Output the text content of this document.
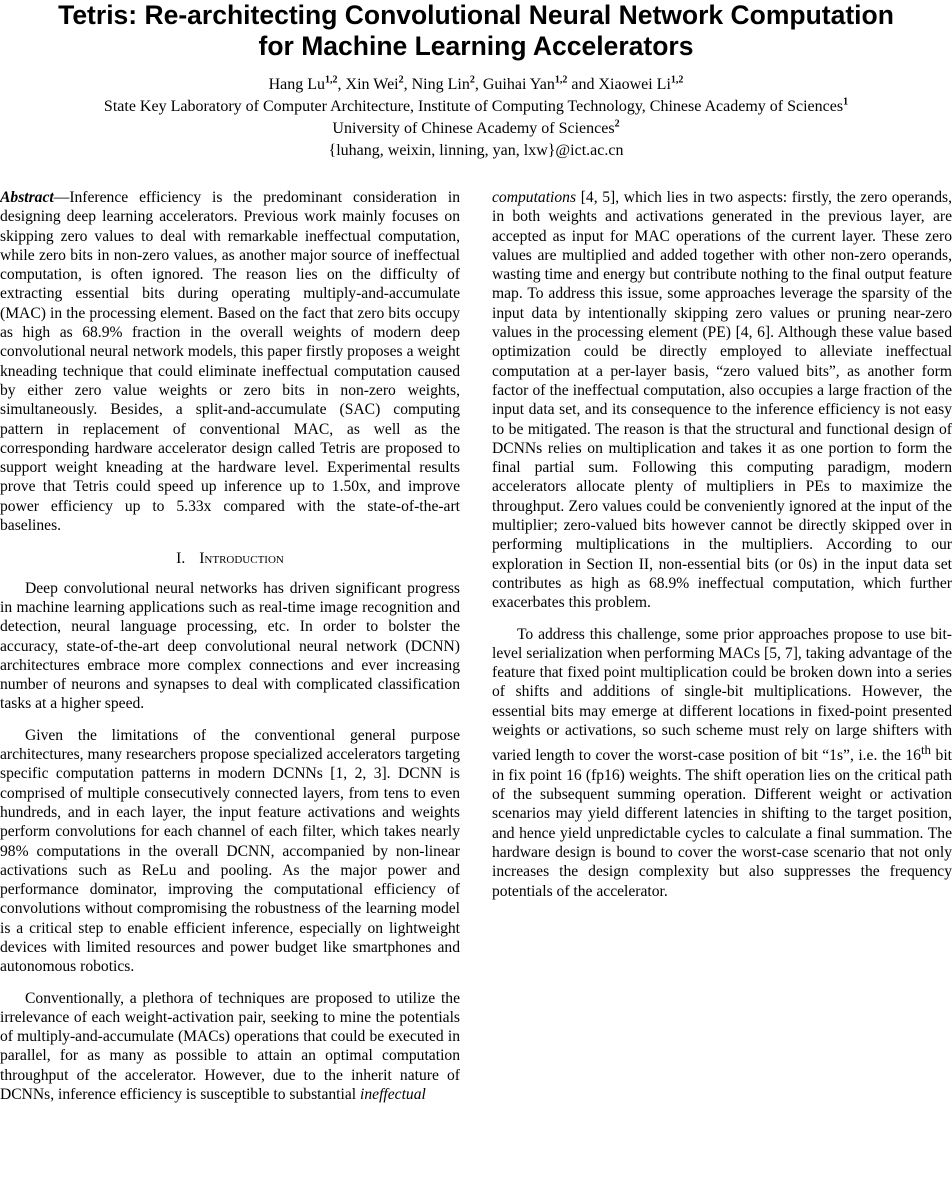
Tetris: Re-architecting Convolutional Neural Network Computation
for Machine Learning Accelerators
Hang Lu$^{1,2}$, Xin Wei$^2$, Ning Lin$^2$, Guihai Yan$^{1,2}$ and Xiaowei Li$^{1,2}$
State Key Laboratory of Computer Architecture, Institute of Computing Technology, Chinese Academy of Sciences$^1$
University of Chinese Academy of Sciences$^2$
{luhang, weixin, linning, yan, lxw}@ict.ac.cn

Abstract—Inference efficiency is the predominant consideration in designing deep learning accelerators. Previous work mainly focuses on skipping zero values to deal with remarkable ineffectual computation, while zero bits in non-zero values, as another major source of ineffectual computation, is often ignored. The reason lies on the difficulty of extracting essential bits during operating multiply-and-accumulate (MAC) in the processing element. Based on the fact that zero bits occupy as high as 68.9% fraction in the overall weights of modern deep convolutional neural network models, this paper firstly proposes a weight kneading technique that could eliminate ineffectual computation caused by either zero value weights or zero bits in non-zero weights, simultaneously. Besides, a split-and-accumulate (SAC) computing pattern in replacement of conventional MAC, as well as the corresponding hardware accelerator design called Tetris are proposed to support weight kneading at the hardware level. Experimental results prove that Tetris could speed up inference up to 1.50x, and improve power efficiency up to 5.33x compared with the state-of-the-art baselines.

I. Introduction

Deep convolutional neural networks has driven significant progress in machine learning applications such as real-time image recognition and detection, neural language processing, etc. In order to bolster the accuracy, state-of-the-art deep convolutional neural network (DCNN) architectures embrace more complex connections and ever increasing number of neurons and synapses to deal with complicated classification tasks at a higher speed.

Given the limitations of the conventional general purpose architectures, many researchers propose specialized accelerators targeting specific computation patterns in modern DCNNs [1, 2, 3]. DCNN is comprised of multiple consecutively connected layers, from tens to even hundreds, and in each layer, the input feature activations and weights perform convolutions for each channel of each filter, which takes nearly 98% computations in the overall DCNN, accompanied by non-linear activations such as ReLu and pooling. As the major power and performance dominator, improving the computational efficiency of convolutions without compromising the robustness of the learning model is a critical step to enable efficient inference, especially on lightweight devices with limited resources and power budget like smartphones and autonomous robotics.

Conventionally, a plethora of techniques are proposed to utilize the irrelevance of each weight-activation pair, seeking to mine the potentials of multiply-and-accumulate (MACs) operations that could be executed in parallel, for as many as possible to attain an optimal computation throughput of the accelerator. However, due to the inherit nature of DCNNs, inference efficiency is susceptible to substantial ineffectual

computations [4, 5], which lies in two aspects: firstly, the zero operands, in both weights and activations generated in the previous layer, are accepted as input for MAC operations of the current layer. These zero values are multiplied and added together with other non-zero operands, wasting time and energy but contribute nothing to the final output feature map. To address this issue, some approaches leverage the sparsity of the input data by intentionally skipping zero values or pruning near-zero values in the processing element (PE) [4, 6]. Although these value based optimization could be directly employed to alleviate ineffectual computation at a per-layer basis, “zero valued bits”, as another form factor of the ineffectual computation, also occupies a large fraction of the input data set, and its consequence to the inference efficiency is not easy to be mitigated. The reason is that the structural and functional design of DCNNs relies on multiplication and takes it as one portion to form the final partial sum. Following this computing paradigm, modern accelerators allocate plenty of multipliers in PEs to maximize the throughput. Zero values could be conveniently ignored at the input of the multiplier; zero-valued bits however cannot be directly skipped over in performing multiplications in the multipliers. According to our exploration in Section II, non-essential bits (or 0s) in the input data set contributes as high as 68.9% ineffectual computation, which further exacerbates this problem.

To address this challenge, some prior approaches propose to use bit-level serialization when performing MACs [5, 7], taking advantage of the feature that fixed point multiplication could be broken down into a series of shifts and additions of single-bit multiplications. However, the essential bits may emerge at different locations in fixed-point presented weights or activations, so such scheme must rely on large shifters with varied length to cover the worst-case position of bit “1s”, i.e. the 16th bit in fix point 16 (fp16) weights. The shift operation lies on the critical path of the subsequent summing operation. Different weight or activation scenarios may yield different latencies in shifting to the target position, and hence yield unpredictable cycles to calculate a final summation. The hardware design is bound to cover the worst-case scenario that not only increases the design complexity but also suppresses the frequency potentials of the accelerator.
